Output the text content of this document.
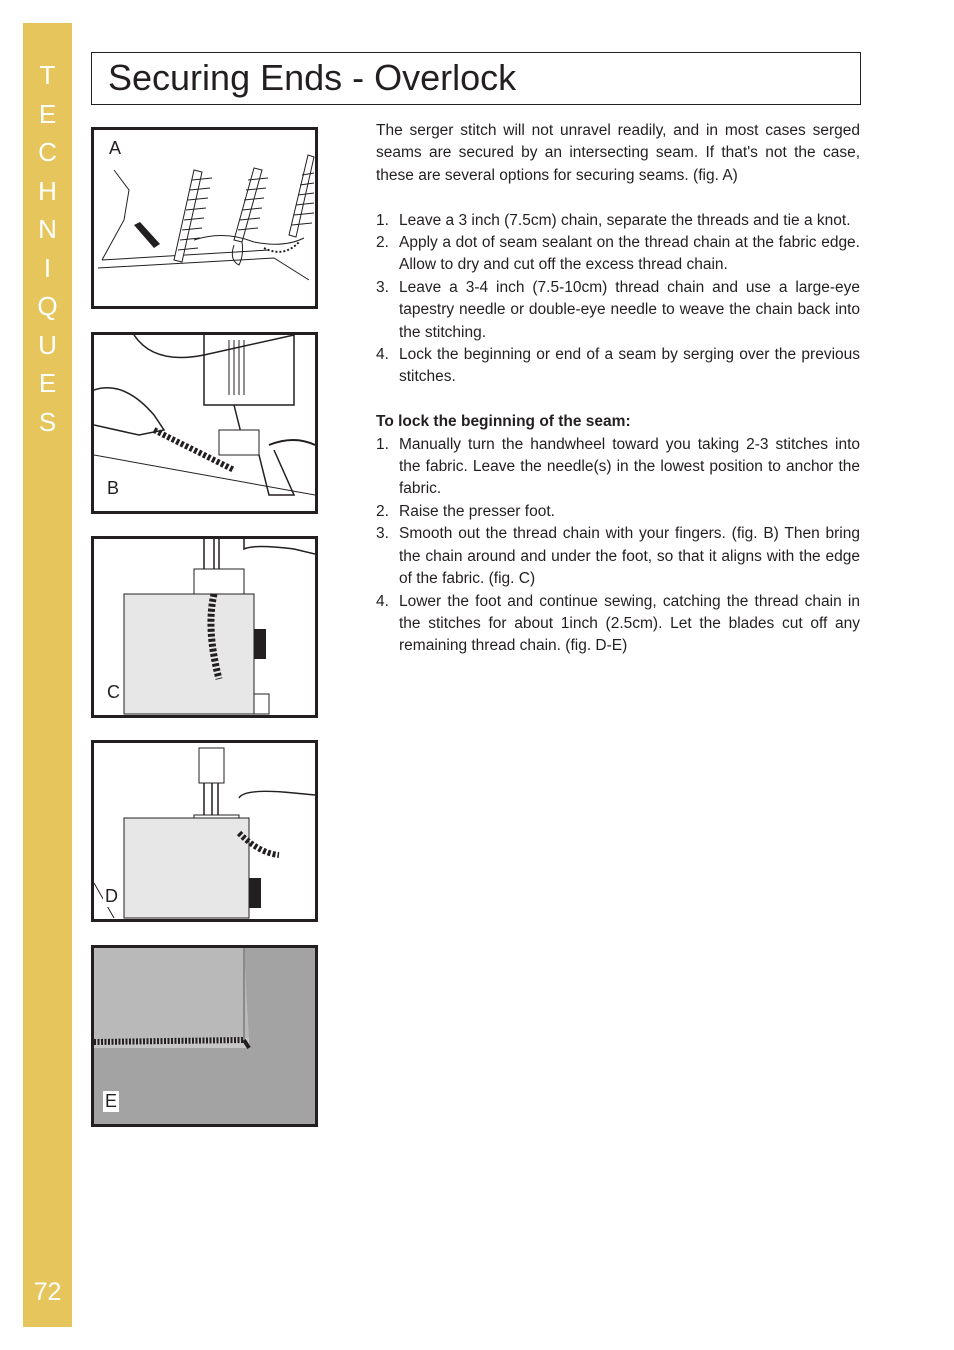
T
E
C
H
N
I
Q
U
E
S
72
Securing Ends - Overlock
A
B
C
D
E

The serger stitch will not unravel readily, and in most cases serged seams are secured by an intersecting seam. If that's not the case, these are several options for securing seams. (fig. A)

1. Leave a 3 inch (7.5cm) chain, separate the threads and tie a knot.
2. Apply a dot of seam sealant on the thread chain at the fabric edge. Allow to dry and cut off the excess thread chain.
3. Leave a 3-4 inch (7.5-10cm) thread chain and use a large-eye tapestry needle or double-eye needle to weave the chain back into the stitching.
4. Lock the beginning or end of a seam by serging over the previous stitches.

To lock the beginning of the seam:

1. Manually turn the handwheel toward you taking 2-3 stitches into the fabric. Leave the needle(s) in the lowest position to anchor the fabric.
2. Raise the presser foot.
3. Smooth out the thread chain with your fingers. (fig. B) Then bring the chain around and under the foot, so that it aligns with the edge of the fabric. (fig. C)
4. Lower the foot and continue sewing, catching the thread chain in the stitches for about 1inch (2.5cm). Let the blades cut off any remaining thread chain. (fig. D-E)
